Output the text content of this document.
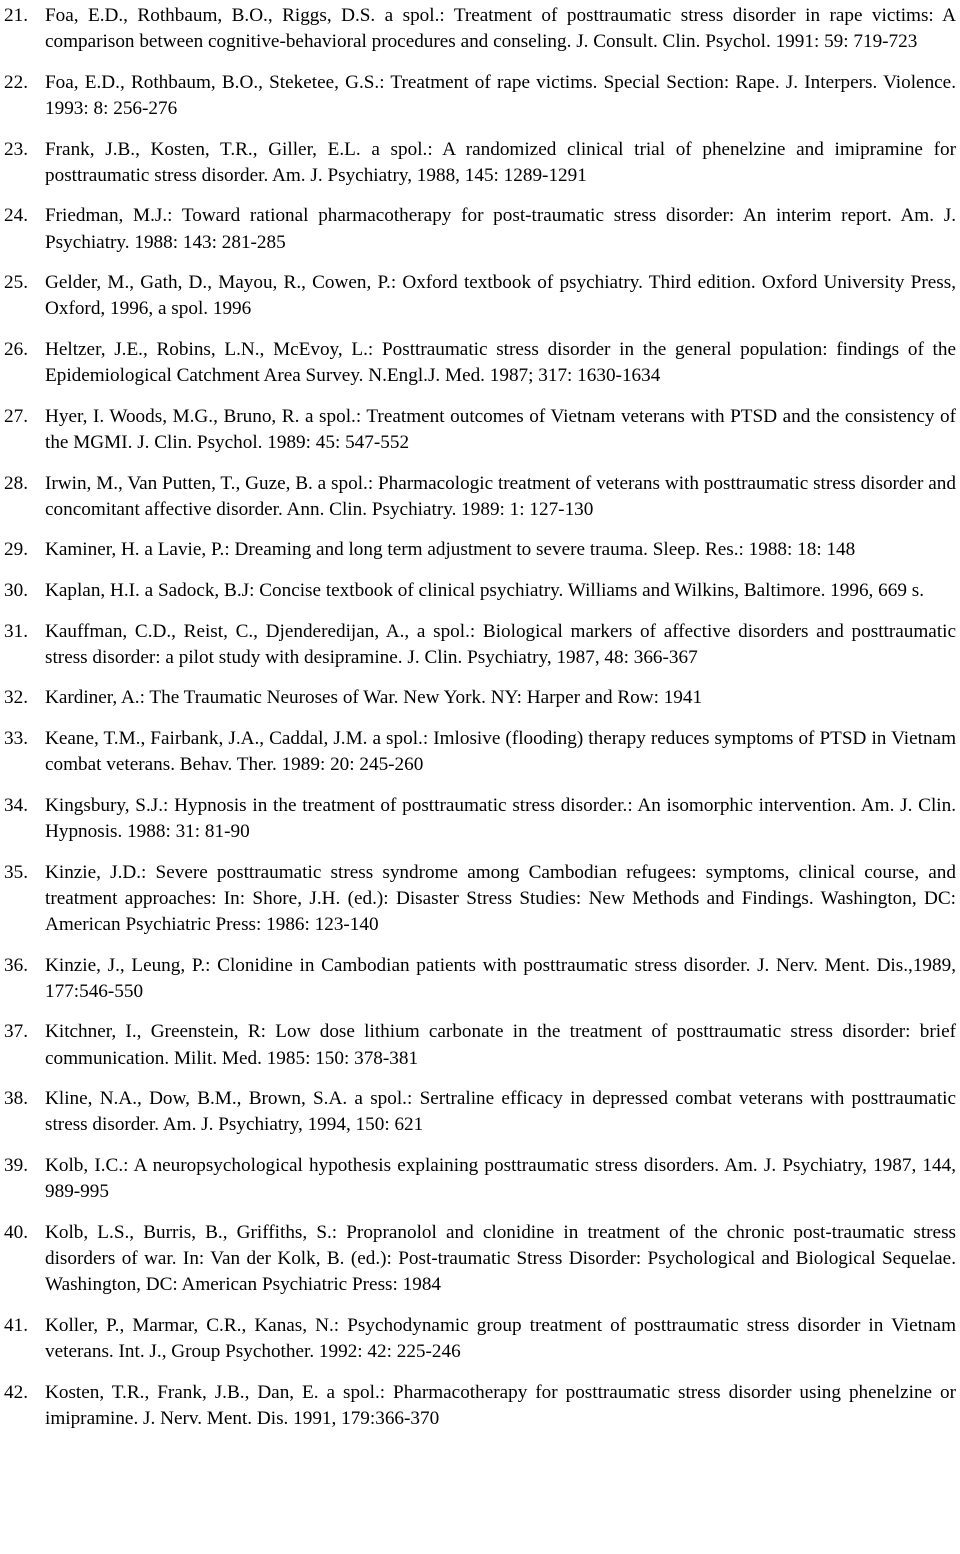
21. Foa, E.D., Rothbaum, B.O., Riggs, D.S. a spol.: Treatment of posttraumatic stress disorder in rape victims: A comparison between cognitive-behavioral procedures and conseling. J. Consult. Clin. Psychol. 1991: 59: 719-723
22. Foa, E.D., Rothbaum, B.O., Steketee, G.S.: Treatment of rape victims. Special Section: Rape. J. Interpers. Violence. 1993: 8: 256-276
23. Frank, J.B., Kosten, T.R., Giller, E.L. a spol.: A randomized clinical trial of phenelzine and imipramine for posttraumatic stress disorder. Am. J. Psychiatry, 1988, 145: 1289-1291
24. Friedman, M.J.: Toward rational pharmacotherapy for post-traumatic stress disorder: An interim report. Am. J. Psychiatry. 1988: 143: 281-285
25. Gelder, M., Gath, D., Mayou, R., Cowen, P.: Oxford textbook of psychiatry. Third edition. Oxford University Press, Oxford, 1996, a spol. 1996
26. Heltzer, J.E., Robins, L.N., McEvoy, L.: Posttraumatic stress disorder in the general population: findings of the Epidemiological Catchment Area Survey. N.Engl.J. Med. 1987; 317: 1630-1634
27. Hyer, I. Woods, M.G., Bruno, R. a spol.: Treatment outcomes of Vietnam veterans with PTSD and the consistency of the MGMI. J. Clin. Psychol. 1989: 45: 547-552
28. Irwin, M., Van Putten, T., Guze, B. a spol.: Pharmacologic treatment of veterans with posttraumatic stress disorder and concomitant affective disorder. Ann. Clin. Psychiatry. 1989: 1: 127-130
29. Kaminer, H. a Lavie, P.: Dreaming and long term adjustment to severe trauma. Sleep. Res.: 1988: 18: 148
30. Kaplan, H.I. a Sadock, B.J: Concise textbook of clinical psychiatry. Williams and Wilkins, Baltimore. 1996, 669 s.
31. Kauffman, C.D., Reist, C., Djenderedijan, A., a spol.: Biological markers of affective disorders and posttraumatic stress disorder: a pilot study with desipramine. J. Clin. Psychiatry, 1987, 48: 366-367
32. Kardiner, A.: The Traumatic Neuroses of War. New York. NY: Harper and Row: 1941
33. Keane, T.M., Fairbank, J.A., Caddal, J.M. a spol.: Imlosive (flooding) therapy reduces symptoms of PTSD in Vietnam combat veterans. Behav. Ther. 1989: 20: 245-260
34. Kingsbury, S.J.: Hypnosis in the treatment of posttraumatic stress disorder.: An isomorphic intervention. Am. J. Clin. Hypnosis. 1988: 31: 81-90
35. Kinzie, J.D.: Severe posttraumatic stress syndrome among Cambodian refugees: symptoms, clinical course, and treatment approaches: In: Shore, J.H. (ed.): Disaster Stress Studies: New Methods and Findings. Washington, DC: American Psychiatric Press: 1986: 123-140
36. Kinzie, J., Leung, P.: Clonidine in Cambodian patients with posttraumatic stress disorder. J. Nerv. Ment. Dis.,1989, 177:546-550
37. Kitchner, I., Greenstein, R: Low dose lithium carbonate in the treatment of posttraumatic stress disorder: brief communication. Milit. Med. 1985: 150: 378-381
38. Kline, N.A., Dow, B.M., Brown, S.A. a spol.: Sertraline efficacy in depressed combat veterans with posttraumatic stress disorder. Am. J. Psychiatry, 1994, 150: 621
39. Kolb, I.C.: A neuropsychological hypothesis explaining posttraumatic stress disorders. Am. J. Psychiatry, 1987, 144, 989-995
40. Kolb, L.S., Burris, B., Griffiths, S.: Propranolol and clonidine in treatment of the chronic post-traumatic stress disorders of war. In: Van der Kolk, B. (ed.): Post-traumatic Stress Disorder: Psychological and Biological Sequelae. Washington, DC: American Psychiatric Press: 1984
41. Koller, P., Marmar, C.R., Kanas, N.: Psychodynamic group treatment of posttraumatic stress disorder in Vietnam veterans. Int. J., Group Psychother. 1992: 42: 225-246
42. Kosten, T.R., Frank, J.B., Dan, E. a spol.: Pharmacotherapy for posttraumatic stress disorder using phenelzine or imipramine. J. Nerv. Ment. Dis. 1991, 179:366-370
